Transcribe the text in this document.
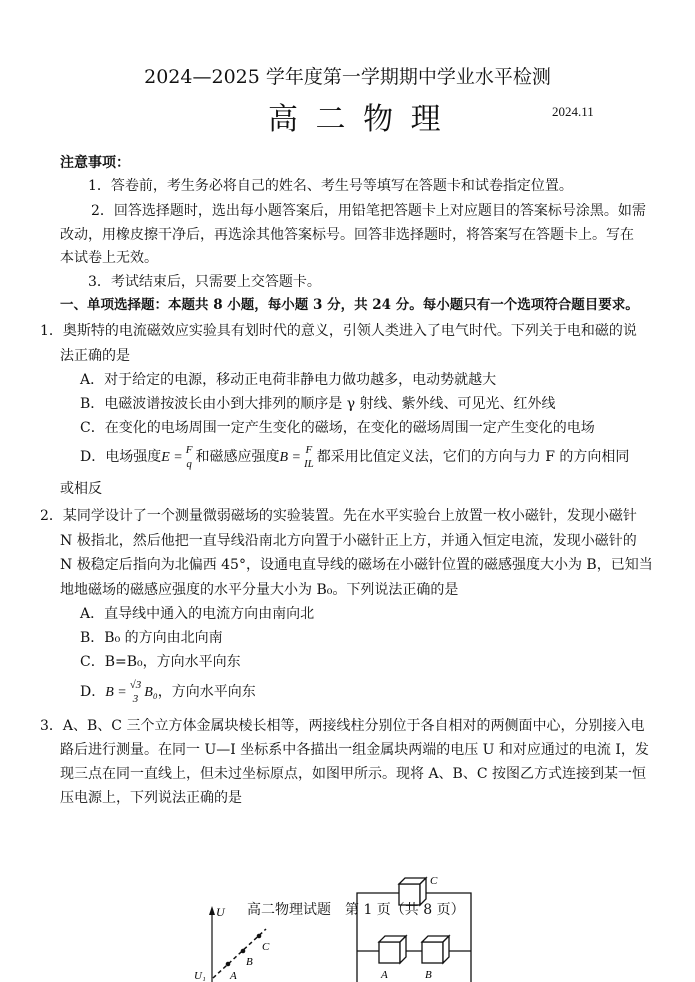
2024—2025 学年度第一学期期中学业水平检测
高 二 物 理	2024.11
注意事项：
1．答卷前，考生务必将自己的姓名、考生号等填写在答题卡和试卷指定位置。
2．回答选择题时，选出每小题答案后，用铅笔把答题卡上对应题目的答案标号涂黑。如需
改动，用橡皮擦干净后，再选涂其他答案标号。回答非选择题时，将答案写在答题卡上。写在
本试卷上无效。
3．考试结束后，只需要上交答题卡。
一、单项选择题：本题共 8 小题，每小题 3 分，共 24 分。每小题只有一个选项符合题目要求。
1．奥斯特的电流磁效应实验具有划时代的意义，引领人类进入了电气时代。下列关于电和磁的说
法正确的是
A．对于给定的电源，移动正电荷非静电力做功越多，电动势就越大
B．电磁波谱按波长由小到大排列的顺序是 γ 射线、紫外线、可见光、红外线
C．在变化的电场周围一定产生变化的磁场，在变化的磁场周围一定产生变化的电场
D．电场强度E = F
q 和磁感应强度B = F
IL 都采用比值定义法，它们的方向与力 F 的方向相同
或相反
2．某同学设计了一个测量微弱磁场的实验装置。先在水平实验台上放置一枚小磁针，发现小磁针
N 极指北，然后他把一直导线沿南北方向置于小磁针正上方，并通入恒定电流，发现小磁针的
N 极稳定后指向为北偏西 45°，设通电直导线的磁场在小磁针位置的磁感强度大小为 B，已知当
地地磁场的磁感应强度的水平分量大小为 B₀。下列说法正确的是
A．直导线中通入的电流方向由南向北
B．B₀ 的方向由北向南
C．B=B₀，方向水平向东
D．B = √3
3 B₀，方向水平向东
3．A、B、C 三个立方体金属块棱长相等，两接线柱分别位于各自相对的两侧面中心，分别接入电
路后进行测量。在同一 U—I 坐标系中各描出一组金属块两端的电压 U 和对应通过的电流 I，发
现三点在同一直线上，但未过坐标原点，如图甲所示。现将 A、B、C 按图乙方式连接到某一恒
压电源上，下列说法正确的是
U
U₁ A
B
C
C
A	B
高二物理试题　第 1 页（共 8 页）
